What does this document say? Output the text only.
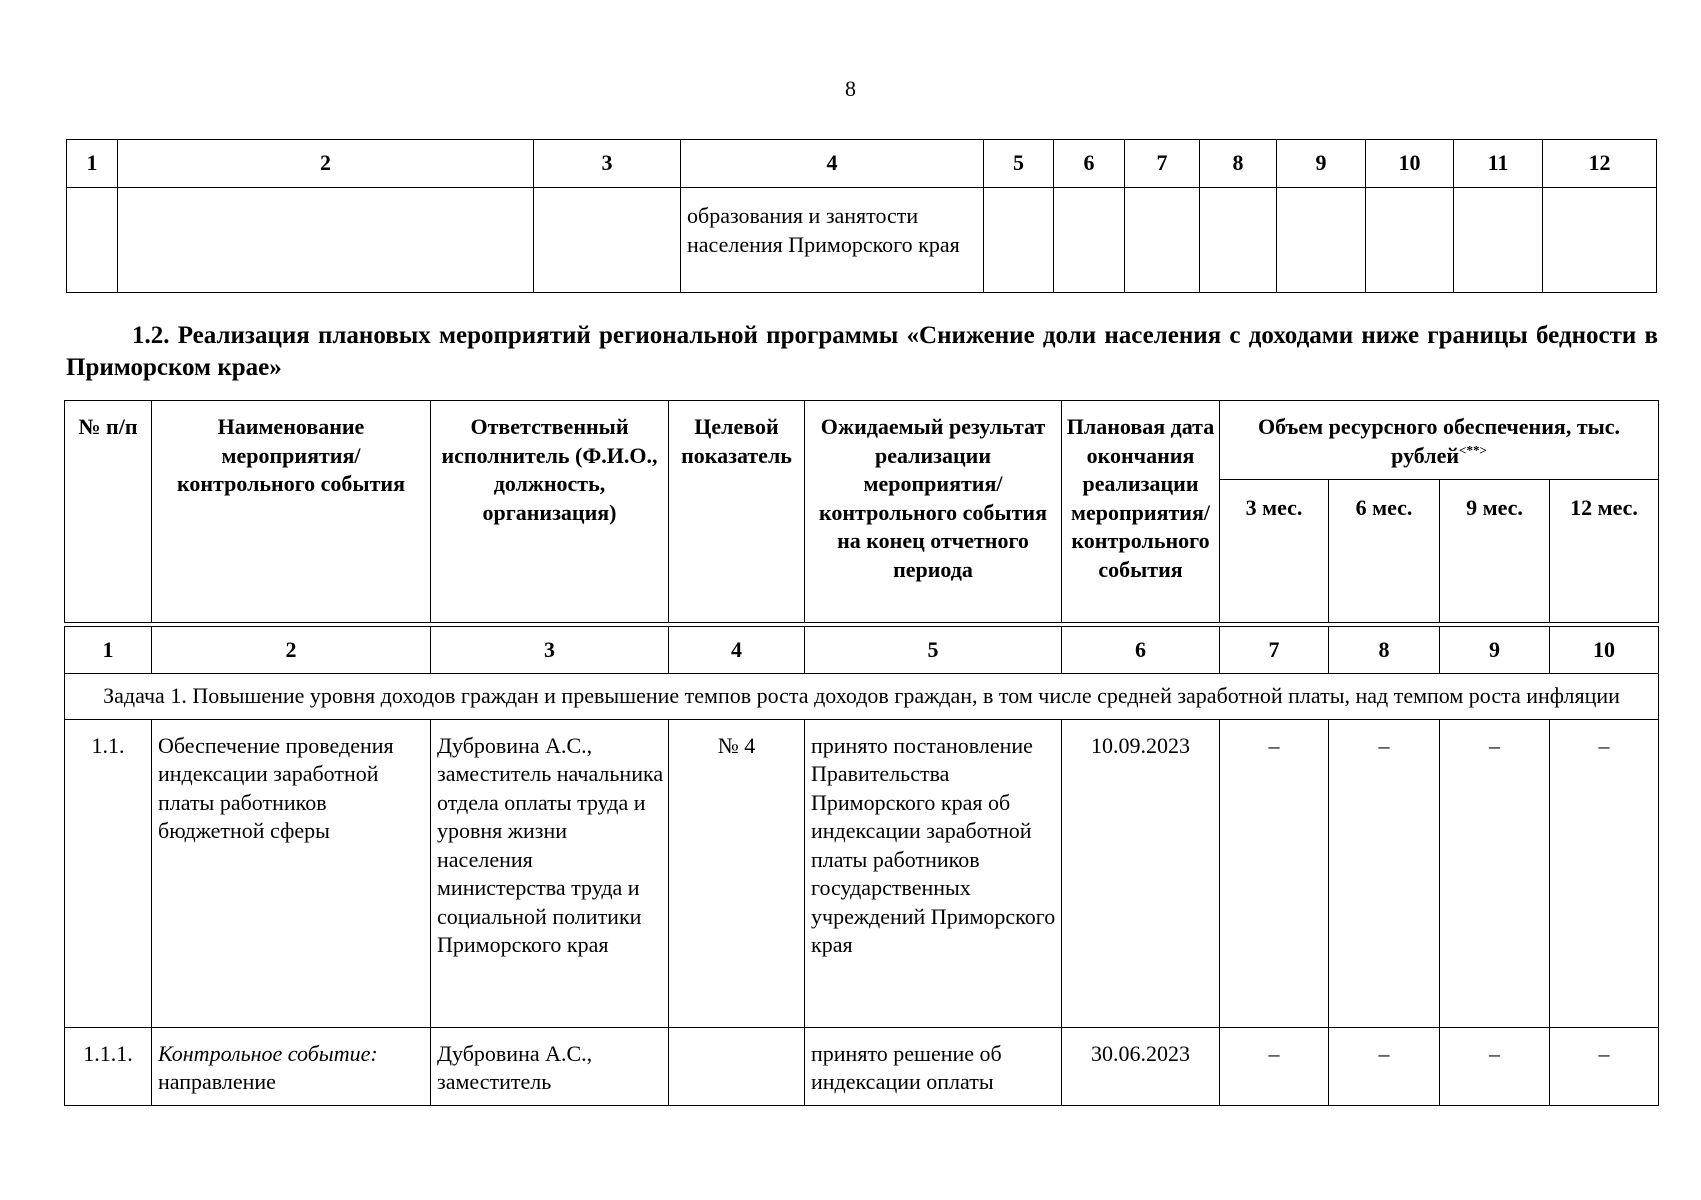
8
1	2	3	4	5	6	7	8	9	10	11	12

			образования и занятости населения Приморского края								

1.2. Реализация плановых мероприятий региональной программы «Снижение доли населения с доходами ниже границы бедности в Приморском крае»
№ п/п	Наименование мероприятия/ контрольного события	Ответственный исполнитель (Ф.И.О., должность, организация)	Целевой показатель	Ожидаемый результат реализации мероприятия/ контрольного события на конец отчетного периода	Плановая дата окончания реализации мероприятия/ контрольного события	Объем ресурсного обеспечения, тыс. рублей<**>
						3 мес.	6 мес.	9 мес.	12 мес.

1	2	3	4	5	6	7	8	9	10
Задача 1. Повышение уровня доходов граждан и превышение темпов роста доходов граждан, в том числе средней заработной платы, над темпом роста инфляции									
1.1.	Обеспечение проведения индексации заработной платы работников бюджетной сферы	Дубровина А.С., заместитель начальника отдела оплаты труда и уровня жизни населения министерства труда и социальной политики Приморского края	№ 4	принято постановление Правительства Приморского края об индексации заработной платы работников государственных учреждений Приморского края	10.09.2023	–	–	–	–
1.1.1.	Контрольное событие: направление	Дубровина А.С., заместитель		принято решение об индексации оплаты	30.06.2023	–	–	–	–
